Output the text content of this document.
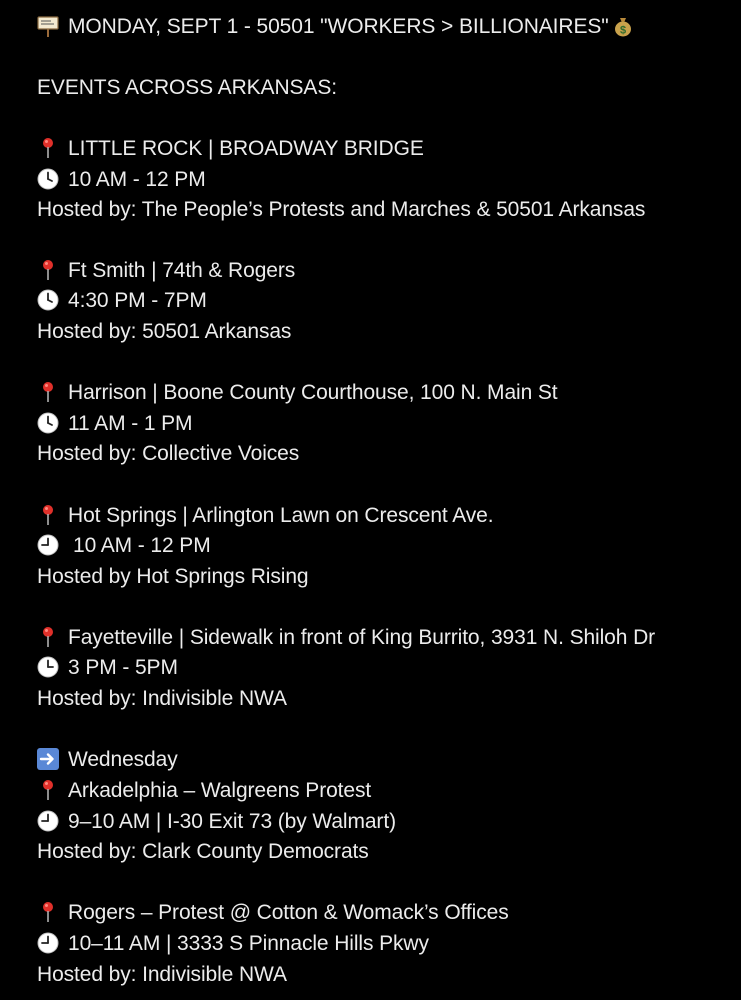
MONDAY, SEPT 1 - 50501 "WORKERS > BILLIONAIRES" $
EVENTS ACROSS ARKANSAS:
LITTLE ROCK | BROADWAY BRIDGE
10 AM - 12 PM
Hosted by: The People’s Protests and Marches & 50501 Arkansas
Ft Smith | 74th & Rogers
4:30 PM - 7PM
Hosted by: 50501 Arkansas
Harrison | Boone County Courthouse, 100 N. Main St
11 AM - 1 PM
Hosted by: Collective Voices
Hot Springs | Arlington Lawn on Crescent Ave.
10 AM - 12 PM
Hosted by Hot Springs Rising
Fayetteville | Sidewalk in front of King Burrito, 3931 N. Shiloh Dr
3 PM - 5PM
Hosted by: Indivisible NWA
Wednesday
Arkadelphia – Walgreens Protest
9–10 AM | I-30 Exit 73 (by Walmart)
Hosted by: Clark County Democrats
Rogers – Protest @ Cotton & Womack’s Offices
10–11 AM | 3333 S Pinnacle Hills Pkwy
Hosted by: Indivisible NWA
